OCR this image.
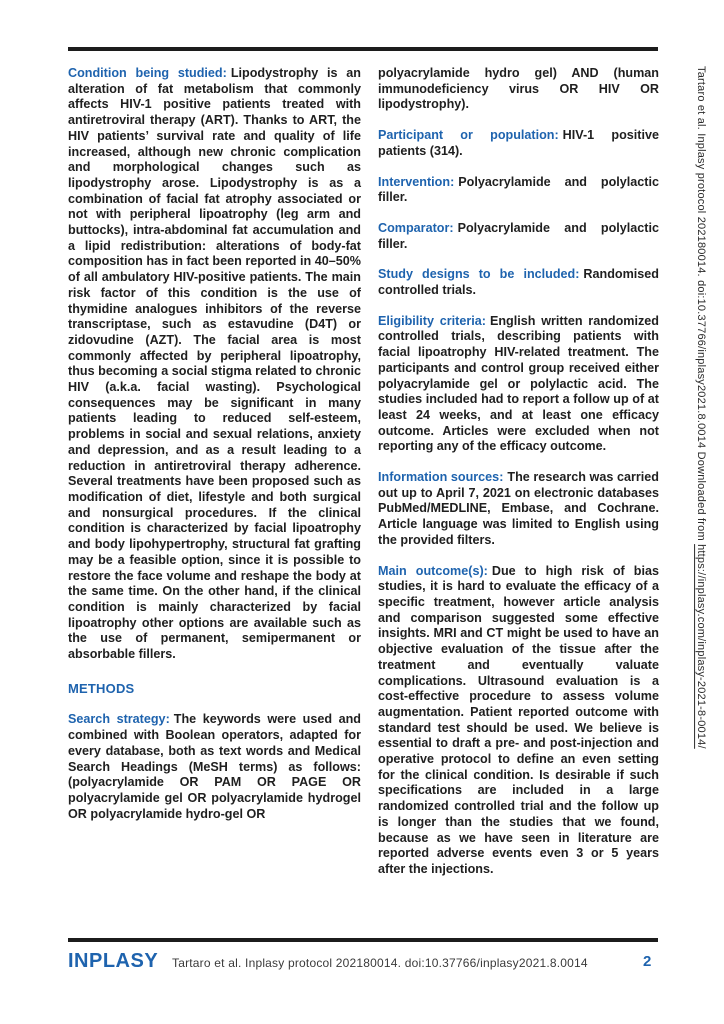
Condition being studied: Lipodystrophy is an alteration of fat metabolism that commonly affects HIV-1 positive patients treated with antiretroviral therapy (ART). Thanks to ART, the HIV patients’ survival rate and quality of life increased, although new chronic complication and morphological changes such as lipodystrophy arose. Lipodystrophy is as a combination of facial fat atrophy associated or not with peripheral lipoatrophy (leg arm and buttocks), intra-abdominal fat accumulation and a lipid redistribution: alterations of body-fat composition has in fact been reported in 40–50% of all ambulatory HIV-positive patients. The main risk factor of this condition is the use of thymidine analogues inhibitors of the reverse transcriptase, such as estavudine (D4T) or zidovudine (AZT). The facial area is most commonly affected by peripheral lipoatrophy, thus becoming a social stigma related to chronic HIV (a.k.a. facial wasting). Psychological consequences may be significant in many patients leading to reduced self-esteem, problems in social and sexual relations, anxiety and depression, and as a result leading to a reduction in antiretroviral therapy adherence. Several treatments have been proposed such as modification of diet, lifestyle and both surgical and nonsurgical procedures. If the clinical condition is characterized by facial lipoatrophy and body lipohypertrophy, structural fat grafting may be a feasible option, since it is possible to restore the face volume and reshape the body at the same time. On the other hand, if the clinical condition is mainly characterized by facial lipoatrophy other options are available such as the use of permanent, semipermanent or absorbable fillers.

METHODS

Search strategy: The keywords were used and combined with Boolean operators, adapted for every database, both as text words and Medical Search Headings (MeSH terms) as follows: (polyacrylamide OR PAM OR PAGE OR polyacrylamide gel OR polyacrylamide hydrogel OR polyacrylamide hydro-gel OR

polyacrylamide hydro gel) AND (human immunodeficiency virus OR HIV OR lipodystrophy).

Participant or population: HIV-1 positive patients (314).

Intervention: Polyacrylamide and polylactic filler.

Comparator: Polyacrylamide and polylactic filler.

Study designs to be included: Randomised controlled trials.

Eligibility criteria: English written randomized controlled trials, describing patients with facial lipoatrophy HIV-related treatment. The participants and control group received either polyacrylamide gel or polylactic acid. The studies included had to report a follow up of at least 24 weeks, and at least one efficacy outcome. Articles were excluded when not reporting any of the efficacy outcome.

Information sources: The research was carried out up to April 7, 2021 on electronic databases PubMed/MEDLINE, Embase, and Cochrane. Article language was limited to English using the provided filters.

Main outcome(s): Due to high risk of bias studies, it is hard to evaluate the efficacy of a specific treatment, however article analysis and comparison suggested some effective insights. MRI and CT might be used to have an objective evaluation of the tissue after the treatment and eventually valuate complications. Ultrasound evaluation is a cost-effective procedure to assess volume augmentation. Patient reported outcome with standard test should be used. We believe is essential to draft a pre- and post-injection and operative protocol to define an even setting for the clinical condition. Is desirable if such specifications are included in a large randomized controlled trial and the follow up is longer than the studies that we found, because as we have seen in literature are reported adverse events even 3 or 5 years after the injections.

Tartaro et al. Inplasy protocol 202180014. doi:10.37766/inplasy2021.8.0014 Downloaded from https://inplasy.com/inplasy-2021-8-0014/
INPLASY Tartaro et al. Inplasy protocol 202180014. doi:10.37766/inplasy2021.8.0014	2
